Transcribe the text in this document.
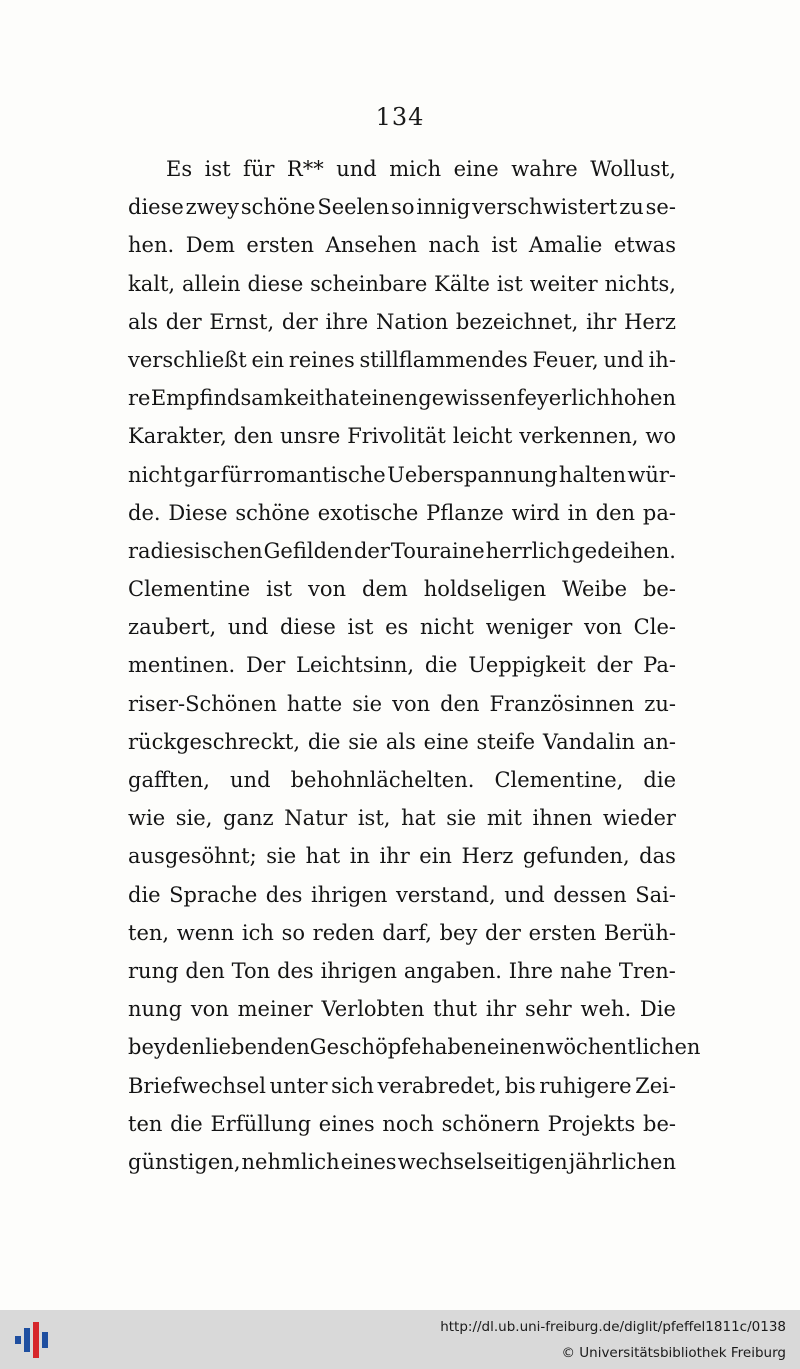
134
Es ist für R** und mich eine wahre Wollust,
diese zwey schöne Seelen so innig verschwistert zu se-
hen. Dem ersten Ansehen nach ist Amalie etwas
kalt, allein diese scheinbare Kälte ist weiter nichts,
als der Ernst, der ihre Nation bezeichnet, ihr Herz
verschließt ein reines stillflammendes Feuer, und ih-
re Empfindsamkeit hat einen gewissen feyerlich hohen
Karakter, den unsre Frivolität leicht verkennen, wo
nicht gar für romantische Ueberspannung halten wür-
de. Diese schöne exotische Pflanze wird in den pa-
radiesischen Gefilden der Touraine herrlich gedeihen.
Clementine ist von dem holdseligen Weibe be-
zaubert, und diese ist es nicht weniger von Cle-
mentinen. Der Leichtsinn, die Ueppigkeit der Pa-
riser-Schönen hatte sie von den Französinnen zu-
rückgeschreckt, die sie als eine steife Vandalin an-
gafften, und behohnlächelten. Clementine, die
wie sie, ganz Natur ist, hat sie mit ihnen wieder
ausgesöhnt; sie hat in ihr ein Herz gefunden, das
die Sprache des ihrigen verstand, und dessen Sai-
ten, wenn ich so reden darf, bey der ersten Berüh-
rung den Ton des ihrigen angaben. Ihre nahe Tren-
nung von meiner Verlobten thut ihr sehr weh. Die
beyden liebenden Geschöpfe haben einen wöchentlichen
Briefwechsel unter sich verabredet, bis ruhigere Zei-
ten die Erfüllung eines noch schönern Projekts be-
günstigen, nehmlich eines wechselseitigen jährlichen
http://dl.ub.uni-freiburg.de/diglit/pfeffel1811c/0138
© Universitätsbibliothek Freiburg
